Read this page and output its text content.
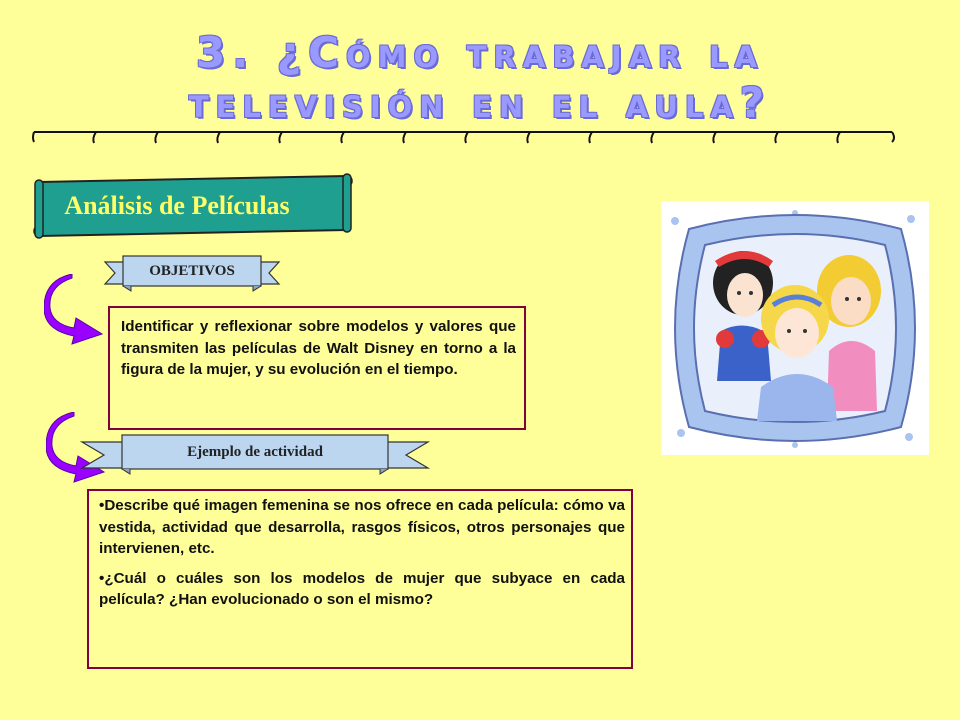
3. ¿Cómo trabajar la
televisión en el aula?
Análisis de Películas
OBJETIVOS
Identificar y reflexionar sobre modelos y valores que transmiten las películas de Walt Disney en torno a la figura de la mujer, y su evolución en el tiempo.
Ejemplo de actividad

•Describe qué imagen femenina se nos ofrece en cada película: cómo va vestida, actividad que desarrolla, rasgos físicos, otros personajes que intervienen, etc.

•¿Cuál o cuáles son los modelos de mujer que subyace en cada película? ¿Han evolucionado o son el mismo?
